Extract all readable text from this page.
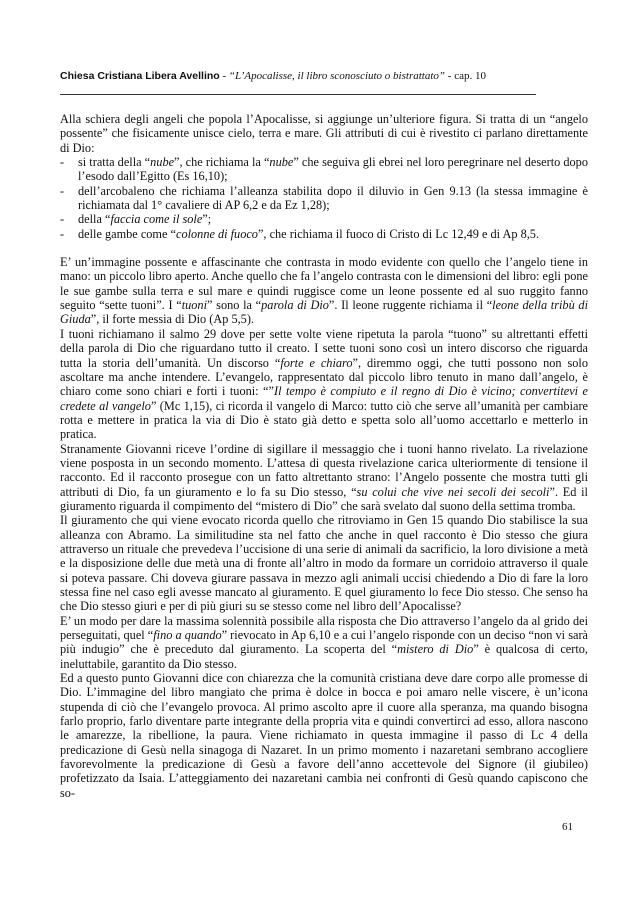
Chiesa Cristiana Libera Avellino - “L’Apocalisse, il libro sconosciuto o bistrattato” - cap. 10

Alla schiera degli angeli che popola l’Apocalisse, si aggiunge un’ulteriore figura. Si tratta di un “angelo possente” che fisicamente unisce cielo, terra e mare. Gli attributi di cui è rivestito ci parlano direttamente di Dio:

-	si tratta della “nube”, che richiama la “nube” che seguiva gli ebrei nel loro peregrinare nel deserto dopo l’esodo dall’Egitto (Es 16,10);
-	dell’arcobaleno che richiama l’alleanza stabilita dopo il diluvio in Gen 9.13 (la stessa immagine è richiamata dal 1° cavaliere di AP 6,2 e da Ez 1,28);
-	della “faccia come il sole”;
-	delle gambe come “colonne di fuoco”, che richiama il fuoco di Cristo di Lc 12,49 e di Ap 8,5.

E’ un’immagine possente e affascinante che contrasta in modo evidente con quello che l’angelo tiene in mano: un piccolo libro aperto. Anche quello che fa l’angelo contrasta con le dimensioni del libro: egli pone le sue gambe sulla terra e sul mare e quindi ruggisce come un leone possente ed al suo ruggito fanno seguito “sette tuoni”. I “tuoni” sono la “parola di Dio”. Il leone ruggente richiama il “leone della tribù di Giuda”, il forte messia di Dio (Ap 5,5).

I tuoni richiamano il salmo 29 dove per sette volte viene ripetuta la parola “tuono” su altrettanti effetti della parola di Dio che riguardano tutto il creato. I sette tuoni sono così un intero discorso che riguarda tutta la storia dell’umanità. Un discorso “forte e chiaro”, diremmo oggi, che tutti possono non solo ascoltare ma anche intendere. L’evangelo, rappresentato dal piccolo libro tenuto in mano dall’angelo, è chiaro come sono chiari e forti i tuoni: “”Il tempo è compiuto e il regno di Dio è vicino; convertitevi e credete al vangelo” (Mc 1,15), ci ricorda il vangelo di Marco: tutto ciò che serve all’umanità per cambiare rotta e mettere in pratica la via di Dio è stato già detto e spetta solo all’uomo accettarlo e metterlo in pratica.

Stranamente Giovanni riceve l’ordine di sigillare il messaggio che i tuoni hanno rivelato. La rivelazione viene posposta in un secondo momento. L’attesa di questa rivelazione carica ulteriormente di tensione il racconto. Ed il racconto prosegue con un fatto altrettanto strano: l’Angelo possente che mostra tutti gli attributi di Dio, fa un giuramento e lo fa su Dio stesso, “su colui che vive nei secoli dei secoli”. Ed il giuramento riguarda il compimento del “mistero di Dio” che sarà svelato dal suono della settima tromba.

Il giuramento che qui viene evocato ricorda quello che ritroviamo in Gen 15 quando Dio stabilisce la sua alleanza con Abramo. La similitudine sta nel fatto che anche in quel racconto è Dio stesso che giura attraverso un rituale che prevedeva l’uccisione di una serie di animali da sacrificio, la loro divisione a metà e la disposizione delle due metà una di fronte all’altro in modo da formare un corridoio attraverso il quale si poteva passare. Chi doveva giurare passava in mezzo agli animali uccisi chiedendo a Dio di fare la loro stessa fine nel caso egli avesse mancato al giuramento. E quel giuramento lo fece Dio stesso. Che senso ha che Dio stesso giuri e per di più giuri su se stesso come nel libro dell’Apocalisse?

E’ un modo per dare la massima solennità possibile alla risposta che Dio attraverso l’angelo da al grido dei perseguitati, quel “fino a quando” rievocato in Ap 6,10 e a cui l’angelo risponde con un deciso “non vi sarà più indugio” che è preceduto dal giuramento. La scoperta del “mistero di Dio” è qualcosa di certo, ineluttabile, garantito da Dio stesso.

Ed a questo punto Giovanni dice con chiarezza che la comunità cristiana deve dare corpo alle promesse di Dio. L’immagine del libro mangiato che prima è dolce in bocca e poi amaro nelle viscere, è un’icona stupenda di ciò che l’evangelo provoca. Al primo ascolto apre il cuore alla speranza, ma quando bisogna farlo proprio, farlo diventare parte integrante della propria vita e quindi convertirci ad esso, allora nascono le amarezze, la ribellione, la paura. Viene richiamato in questa immagine il passo di Lc 4 della predicazione di Gesù nella sinagoga di Nazaret. In un primo momento i nazaretani sembrano accogliere favorevolmente la predicazione di Gesù a favore dell’anno accettevole del Signore (il giubileo) profetizzato da Isaia. L’atteggiamento dei nazaretani cambia nei confronti di Gesù quando capiscono che so-

61
